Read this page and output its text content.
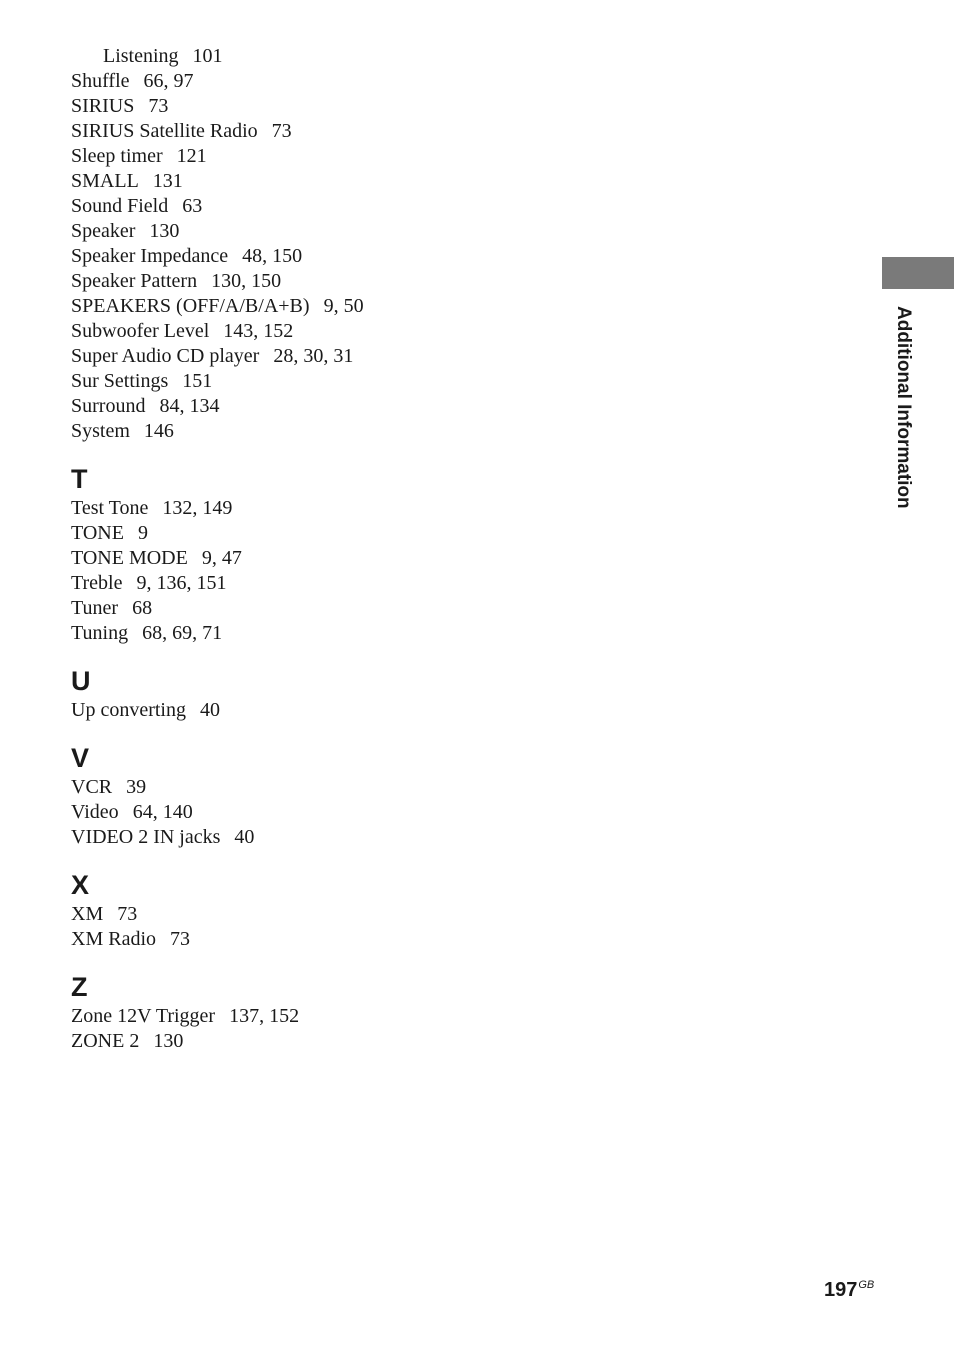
Listening 101
Shuffle 66, 97
SIRIUS 73
SIRIUS Satellite Radio 73
Sleep timer 121
SMALL 131
Sound Field 63
Speaker 130
Speaker Impedance 48, 150
Speaker Pattern 130, 150
SPEAKERS (OFF/A/B/A+B) 9, 50
Subwoofer Level 143, 152
Super Audio CD player 28, 30, 31
Sur Settings 151
Surround 84, 134
System 146
T
Test Tone 132, 149
TONE 9
TONE MODE 9, 47
Treble 9, 136, 151
Tuner 68
Tuning 68, 69, 71
U
Up converting 40
V
VCR 39
Video 64, 140
VIDEO 2 IN jacks 40
X
XM 73
XM Radio 73
Z
Zone 12V Trigger 137, 152
ZONE 2 130
Additional Information
$197^{GB}$
